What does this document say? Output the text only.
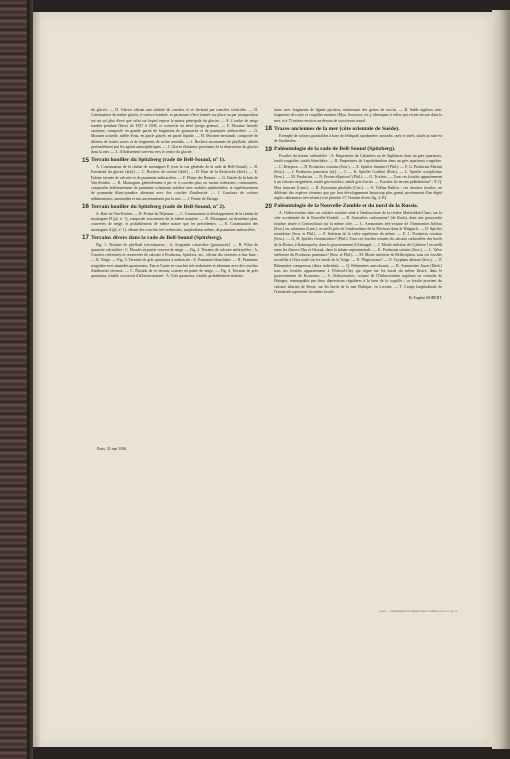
du glacier. — D. Glacier offrant une infinité de couches et se divisant par tranches verticales. — D. Continuation du même glacier, à surface bombée, et paraissant s'être formée sur place ou par juxtaposition sur un sol plus élevé que celui sur lequel repose la masse principale du glacier. — E. Couche de neige tombée pendant l'hiver de 1837 à 1838, et convertie en névé (neige grenue). — F. Moraine latérale ancienne, composée en grande partie de fragments de grauwacke et de psammite anthracifère. — G. Moraine actuelle, mêlée d'eau, en partie glacée, en partie liquide. — H. Moraine terminale, composée de détritus de toutes sortes et de fragments de roche arrondis. — I. Rochers moutonnés de phyllade, altérés profondément par les agents atmosphériques. — J. Glaces flottantes provenant de la destruction du glacier dans la mer. — L. Affaissement survenu vers le centre du glacier.

15 Terrain houiller du Spitzberg (rade de Bell-Sound, nº 1).

A. Continuation de la chaîne de montagnes E (voir la vue générale de la rade de Bell-Sound). — B. Extrémité du glacier (ibid.) — C. Rochers de schiste (ibid.). — D. Baie de la Recherche (ibid.). — E. Falaise formée de calcaire et de psammite anthracifère. — F. Plaine des Rennes. — G. Entrée de la baie de Van-Keulen. — H. Montagnes généralement à pic et à couches plus ou moins redressées, contournées, composées inférieurement de psammite schisteuse noirâtre avec nodules sphéroïdales, et supérieurement de psammite blanc-jaunâtre alternant avec des couches d'anthracite. — I. Courbure de rochers sédimentaires, amonoïdés et mis anciennement par la mer. — J. Pointe de Partage.

16 Terrain houiller du Spitzberg (rade de Bell-Sound, nº 2).

A. Baie de Van-Keulen. — B. Pointe du Déjeuner. — C. Continuation et développement de la chaîne de montagnes H (pl. nº 1), composée exactement de la même manière. — D. Montagnes au deuxième plan, couvertes de neige, et probablement de même nature que les précédentes. — E. Continuation des montagnes A (pl. nº 1), offrant des couches très-redressées, surplombant même, de psammite anthracifère.

17 Terrains divers dans la rade de Bell-Sound (Spitzberg).

Fig. 1. Terrains de phyllade très-talqueux : A. Aragonite calcarifère (grauwacke). — B. Filon de quartzite calcarifère ; C. Éboulis en partie couvert de neige. — Fig. 2. Terrains de calcaire anthracifère : A. Couches redressées et renversées de calcaire à Productus, Spirifera, etc., offrant des cavernes à leur base ; — B. Neige. — Fig. 3. Terrains de grès quartzeux à anthracite : A. Psammite blanchâtre. — B. Psammite rougeâtre avec amandes quartzeuses. Fun et l'autre en couches très-redressées et alternant avec des couches d'anthracite terreuse. — C. Éboulis de ce terrain, couvert en partie de neige. — Fig. 4. Terrains de grès quartzeux, friable, recouvert d'alluvion marine : A. Grès quartzeux, friable, probablement tertiaire.

Paris, 31 mai 1846.

tiaire avec fragments de lignite pyriteux, renfermant des grains de succin. — B. Sable argileux avec fragments de roche et coquilles marines (Mya, Saxicava, etc.), identiques à celles qui vivent encore dans la mer, et à 75 mètres environ au-dessus de son niveau actuel.

18 Traces anciennes de la mer (côte orientale de Suède).

Exemple de rochers granitoïdes à base de feldspath spodumène, arrondis, usés et striés, situés au sud-est de Stockholm.

19 Paléontologie de la rade de Bell-Sound (Spitzberg).

Fossiles du terrain carbonifère : A. Empreintes de Calamites ou de Sigillaires dans un grès quartzeux, tantôt rougeâtre, tantôt blanchâtre. — B. Empreintes de Lepidodendron dans un grès quartzeux rougeâtre. — C. Retepora. — D. Productus costatus (Sow.). — E. Spirifer lineatus? (Phil.). — F, G. Productus Martini (Sow.). — I. Productus punctatus (id.). — J. — K. Spirifer Cordieri (Rob.). — L. Spirifer octoplicatus (Sow.). — M. Productus. — N. Pecten ellipticus? (Phil.). — O. Trochus. — Tous ces fossiles appartiennent à un calcaire magnésien, tantôt gris-noirâtre, tantôt gris d'acier. — Fossiles du terrain paléothérien? : P, Q. Mya truncata (Linn.). — R. Kyssomia pholadis (Cuv.). — S. Tellina Baltica ; ces derniers fossiles, ne différant des espèces vivantes que par leur développement beaucoup plus grand, proviennent d'un dépôt argilo-sablonneux très-récent (voir planche 17, Terrains divers fig. 4, B).

20 Paléontologie de la Nouvelle-Zemble et du nord de la Russie.

A. Orthoceratites dans un calcaire noirâtre situé à l'embouchure de la rivière Matotchkin-Charr, sur la côte occidentale de la Nouvelle-Zemble. — B. Goniatites carbonarius? (de Buch), dans une grauwacke noirâtre située à Contaschiara sur la même côte. — C. Ammonites très-voisine de l'Ammonites biflexa (Sow.) ou subsimea (Lam.), recueilli près de l'embouchure de la Petchora dans le Waïgatch. — D. Spirifer rotundatus (Sow. et Phil.). — F. Intérieur de la valve supérieure du même. — E. L. Productus costatus (Sow.). — G, H. Spirifer rhomboideus? (Phil.). Tous ces fossiles extraits du calcaire carbonifère des bords de la Dwina, à Kolmogorhy, dans le gouvernement d'Arkangel. — I. Moule intérieur de Cythérea ? recueilli entre les fleuves Oka et Ossouk, dans la falaise septentrionale. — K. Productus striatus (Sow.). — L. Valve inférieure du Productus punctatus? (Sow. et Phil.). — M. Moule intérieur de Bellerophon, tous ces fossiles recueillis à l'état roulé sur les bords de la Volga. — N. Plagiostoma? — O. Gryphæa dilatata (Sow.). — P. Belemnites compressus (deux individus). — Q. Belemnites unicolourus. — R. Ammonites Jason (Desh.) tous ces fossiles appartiennent à l'Oxford-Clay qui règne sur les bords du même fleuve, dans le gouvernement de Kostroma. — S. Orthoceratites, voisine de l'Orthoceratites regularis ou centralis de Hisinger, remarquable par deux dépressions régulières à la base de la coquille ; ce fossile provient du calcaire silurien de Reval, sur les bords de la mer Baltique, en Livonie. — T. Coupe longitudinale de l'extrémité supérieure du même fossile.

Dr Eugène ROBERT.
PARIS. — IMPRIMERIE DE FIRMIN DIDOT FRÈRES, RUE JACOB, 56.
